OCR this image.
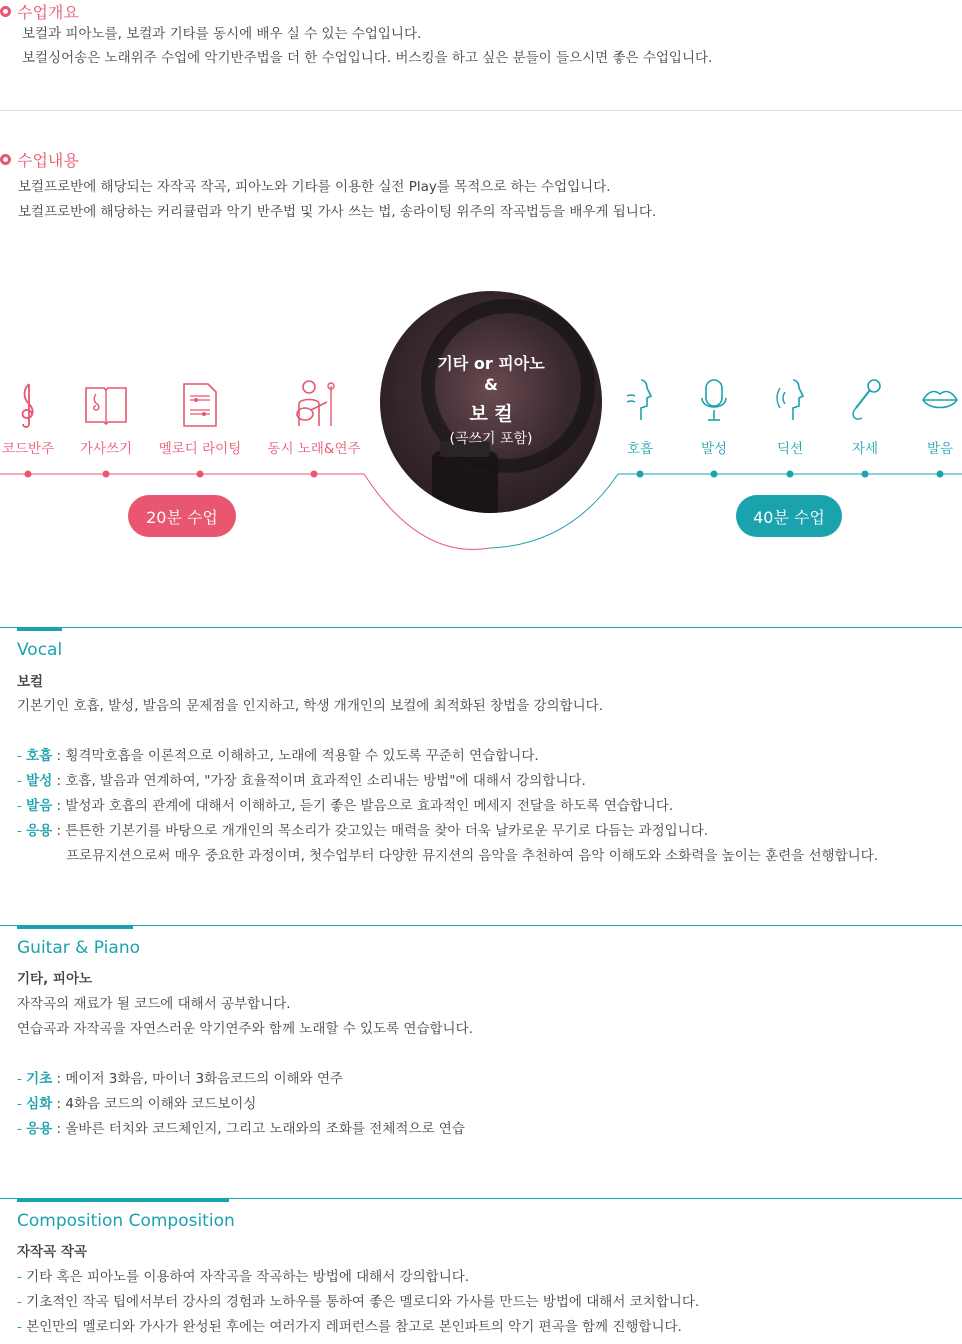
수업개요
보컬과 피아노를, 보컬과 기타를 동시에 배우 실 수 있는 수업입니다.
보컬싱어송은 노래위주 수업에 악기반주법을 더 한 수업입니다. 버스킹을 하고 싶은 분들이 들으시면 좋은 수업입니다.
수업내용
보컬프로반에 해당되는 자작곡 작곡, 피아노와 기타를 이용한 실전 Play를 목적으로 하는 수업입니다.
보컬프로반에 해당하는 커리큘럼과 악기 반주법 및 가사 쓰는 법, 송라이팅 위주의 작곡법등을 배우게 됩니다.
코드반주 가사쓰기 멜로디 라이팅 동시 노래&연주
20분 수업
기타 or 피아노
&
보 컬
(곡쓰기 포함)
호흡	발성	딕션	자세	발음
40분 수업
Vocal
보컬
기본기인 호흡, 발성, 발음의 문제점을 인지하고, 학생 개개인의 보컬에 최적화된 창법을 강의합니다.
- 호흡 : 횡격막호흡을 이론적으로 이해하고, 노래에 적용할 수 있도록 꾸준히 연습합니다.
- 발성 : 호흡, 발음과 연계하여, "가장 효율적이며 효과적인 소리내는 방법"에 대해서 강의합니다.
- 발음 : 발성과 호흡의 관계에 대해서 이해하고, 듣기 좋은 발음으로 효과적인 메세지 전달을 하도록 연습합니다.
- 응용 : 튼튼한 기본기를 바탕으로 개개인의 목소리가 갖고있는 매력을 찾아 더욱 날카로운 무기로 다듬는 과정입니다.
프로뮤지션으로써 매우 중요한 과정이며, 첫수업부터 다양한 뮤지션의 음악을 추천하여 음악 이해도와 소화력을 높이는 훈련을 선행합니다.
Guitar & Piano
기타, 피아노
자작곡의 재료가 될 코드에 대해서 공부합니다.
연습곡과 자작곡을 자연스러운 악기연주와 함께 노래할 수 있도록 연습합니다.
- 기초 : 메이저 3화음, 마이너 3화음코드의 이해와 연주
- 심화 : 4화음 코드의 이해와 코드보이싱
- 응용 : 올바른 터치와 코드체인지, 그리고 노래와의 조화를 전체적으로 연습
Composition Composition
자작곡 작곡
- 기타 혹은 피아노를 이용하여 자작곡을 작곡하는 방법에 대해서 강의합니다.
- 기초적인 작곡 팁에서부터 강사의 경험과 노하우를 통하여 좋은 멜로디와 가사를 만드는 방법에 대해서 코치합니다.
- 본인만의 멜로디와 가사가 완성된 후에는 여러가지 레퍼런스를 참고로 본인파트의 악기 편곡을 함께 진행합니다.
